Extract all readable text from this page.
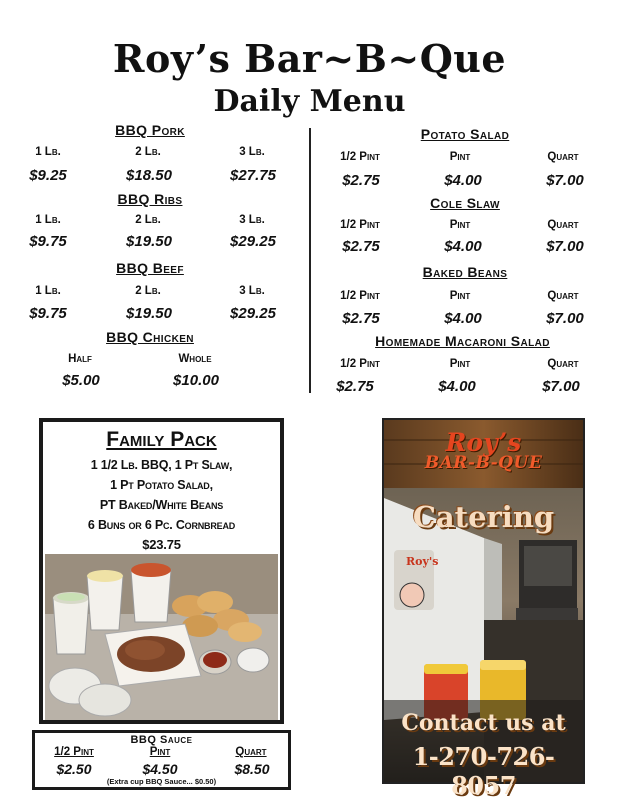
Roy’s Bar~B~Que
Daily Menu
BBQ Pork
1 Lb.	2 Lb.	3 Lb.
$9.25	$18.50	$27.75
BBQ Ribs
1 Lb.	2 Lb.	3 Lb.
$9.75	$19.50	$29.25
BBQ Beef
1 Lb.	2 Lb.	3 Lb.
$9.75	$19.50	$29.25
BBQ Chicken
Half	Whole
$5.00	$10.00
Potato Salad
1/2 Pint	Pint	Quart
$2.75	$4.00	$7.00
Cole Slaw
1/2 Pint	Pint	Quart
$2.75	$4.00	$7.00
Baked Beans
1/2 Pint	Pint	Quart
$2.75	$4.00	$7.00
Homemade Macaroni Salad
1/2 Pint	Pint	Quart
$2.75	$4.00	$7.00
Family Pack
1 1/2 Lb. BBQ, 1 Pt Slaw,
1 Pt Potato Salad,
PT Baked/White Beans
6 Buns or 6 Pc. Cornbread
$23.75
BBQ Sauce
1/2 Pint	Pint	Quart
$2.50	$4.50	$8.50
(Extra cup BBQ Sauce... $0.50)
Roy's
Roy’s
BAR-B-QUE
Catering
Contact us at
1-270-726-8057
